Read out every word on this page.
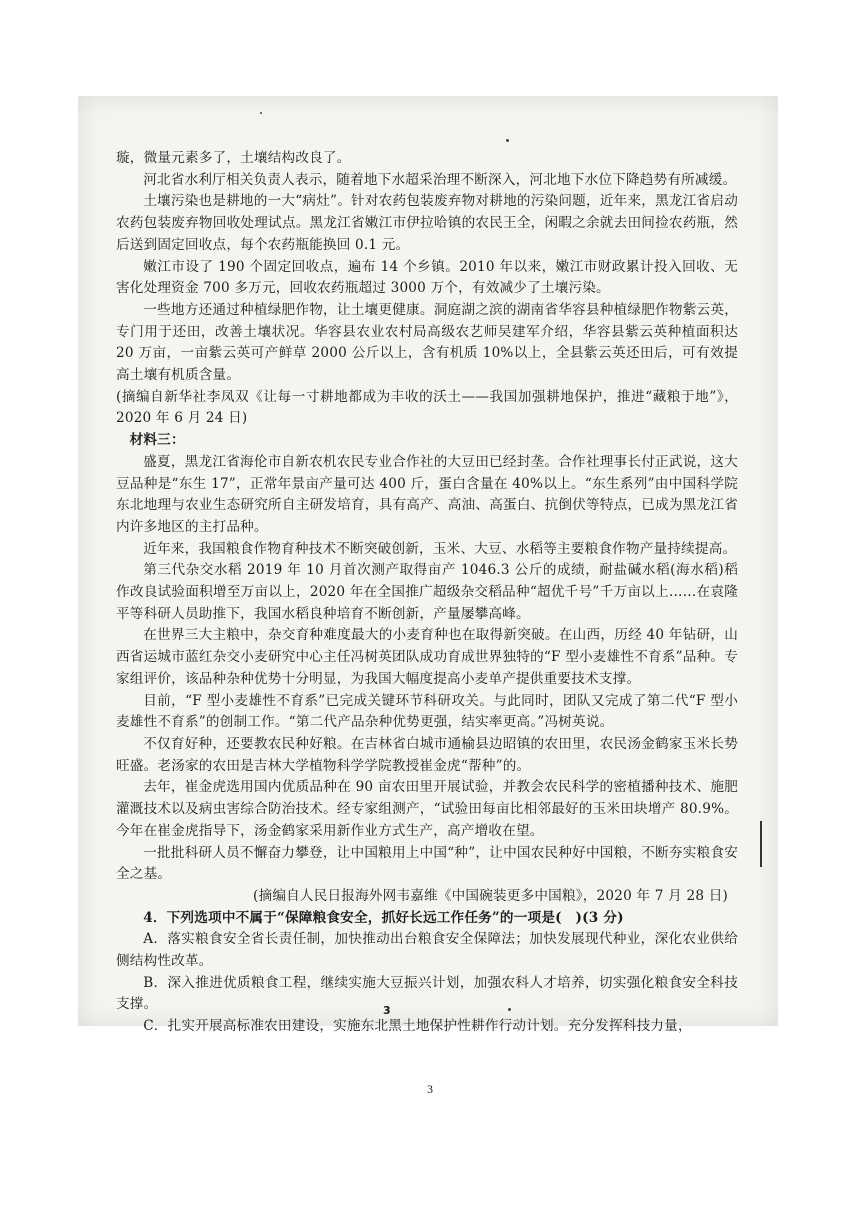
璇，微量元素多了，土壤结构改良了。

河北省水利厅相关负责人表示，随着地下水超采治理不断深入，河北地下水位下降趋势有所减缓。

土壤污染也是耕地的一大“病灶”。针对农药包装废弃物对耕地的污染问题，近年来，黑龙江省启动农药包装废弃物回收处理试点。黑龙江省嫩江市伊拉哈镇的农民王全，闲暇之余就去田间捡农药瓶，然后送到固定回收点，每个农药瓶能换回 0.1 元。

嫩江市设了 190 个固定回收点，遍布 14 个乡镇。2010 年以来，嫩江市财政累计投入回收、无害化处理资金 700 多万元，回收农药瓶超过 3000 万个，有效减少了土壤污染。

一些地方还通过种植绿肥作物，让土壤更健康。洞庭湖之滨的湖南省华容县种植绿肥作物紫云英，专门用于还田，改善土壤状况。华容县农业农村局高级农艺师吴建军介绍，华容县紫云英种植面积达 20 万亩，一亩紫云英可产鲜草 2000 公斤以上，含有机质 10%以上，全县紫云英还田后，可有效提高土壤有机质含量。

(摘编自新华社李凤双《让每一寸耕地都成为丰收的沃土——我国加强耕地保护，推进“藏粮于地”》，2020 年 6 月 24 日)

材料三：

盛夏，黑龙江省海伦市自新农机农民专业合作社的大豆田已经封垄。合作社理事长付正武说，这大豆品种是“东生 17”，正常年景亩产量可达 400 斤，蛋白含量在 40%以上。“东生系列”由中国科学院东北地理与农业生态研究所自主研发培育，具有高产、高油、高蛋白、抗倒伏等特点，已成为黑龙江省内许多地区的主打品种。

近年来，我国粮食作物育种技术不断突破创新，玉米、大豆、水稻等主要粮食作物产量持续提高。

第三代杂交水稻 2019 年 10 月首次测产取得亩产 1046.3 公斤的成绩，耐盐碱水稻(海水稻)稻作改良试验面积增至万亩以上，2020 年在全国推广超级杂交稻品种“超优千号”千万亩以上……在袁隆平等科研人员助推下，我国水稻良种培育不断创新，产量屡攀高峰。

在世界三大主粮中，杂交育种难度最大的小麦育种也在取得新突破。在山西，历经 40 年钻研，山西省运城市蓝红杂交小麦研究中心主任冯树英团队成功育成世界独特的“F 型小麦雄性不育系”品种。专家组评价，该品种杂种优势十分明显，为我国大幅度提高小麦单产提供重要技术支撑。

目前，“F 型小麦雄性不育系”已完成关键环节科研攻关。与此同时，团队又完成了第二代“F 型小麦雄性不育系”的创制工作。“第二代产品杂种优势更强，结实率更高。”冯树英说。

不仅育好种，还要教农民种好粮。在吉林省白城市通榆县边昭镇的农田里，农民汤金鹤家玉米长势旺盛。老汤家的农田是吉林大学植物科学学院教授崔金虎“帮种”的。

去年，崔金虎选用国内优质品种在 90 亩农田里开展试验，并教会农民科学的密植播种技术、施肥灌溉技术以及病虫害综合防治技术。经专家组测产，“试验田每亩比相邻最好的玉米田块增产 80.9%。今年在崔金虎指导下，汤金鹤家采用新作业方式生产，高产增收在望。

一批批科研人员不懈奋力攀登，让中国粮用上中国“种”，让中国农民种好中国粮，不断夯实粮食安全之基。

(摘编自人民日报海外网韦嘉维《中国碗装更多中国粮》，2020 年 7 月 28 日)

4．下列选项中不属于“保障粮食安全，抓好长远工作任务”的一项是(　)(3 分)

A．落实粮食安全省长责任制，加快推动出台粮食安全保障法；加快发展现代种业，深化农业供给侧结构性改革。

B．深入推进优质粮食工程，继续实施大豆振兴计划，加强农科人才培养，切实强化粮食安全科技支撑。

C．扎实开展高标准农田建设，实施东北黑土地保护性耕作行动计划。充分发挥科技力量，

3
3
